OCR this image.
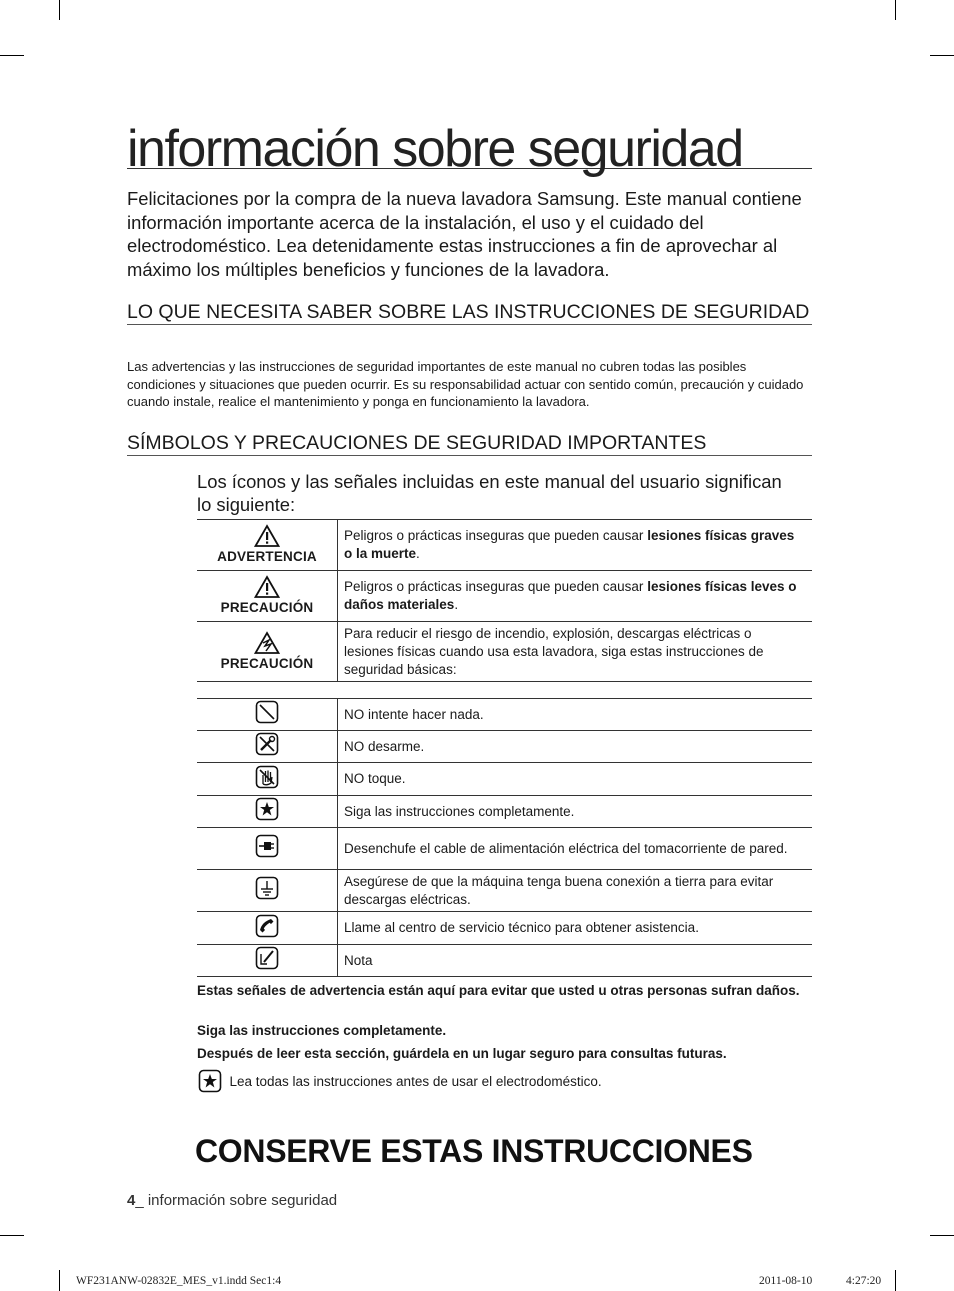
información sobre seguridad

Felicitaciones por la compra de la nueva lavadora Samsung. Este manual contiene información importante acerca de la instalación, el uso y el cuidado del electrodoméstico. Lea detenidamente estas instrucciones a fin de aprovechar al máximo los múltiples beneficios y funciones de la lavadora.

LO QUE NECESITA SABER SOBRE LAS INSTRUCCIONES DE SEGURIDAD

Las advertencias y las instrucciones de seguridad importantes de este manual no cubren todas las posibles condiciones y situaciones que pueden ocurrir. Es su responsabilidad actuar con sentido común, precaución y cuidado cuando instale, realice el mantenimiento y ponga en funcionamiento la lavadora.

SÍMBOLOS Y PRECAUCIONES DE SEGURIDAD IMPORTANTES

Los íconos y las señales incluidas en este manual del usuario significan lo siguiente:

ADVERTENCIA	Peligros o prácticas inseguras que pueden causar lesiones físicas graves o la muerte.

PRECAUCIÓN	Peligros o prácticas inseguras que pueden causar lesiones físicas leves o daños materiales.

PRECAUCIÓN	Para reducir el riesgo de incendio, explosión, descargas eléctricas o lesiones físicas cuando usa esta lavadora, siga estas instrucciones de seguridad básicas:
	NO intente hacer nada.
	NO desarme.
	NO toque.
	Siga las instrucciones completamente.
	Desenchufe el cable de alimentación eléctrica del tomacorriente de pared.
	Asegúrese de que la máquina tenga buena conexión a tierra para evitar descargas eléctricas.
	Llame al centro de servicio técnico para obtener asistencia.
	Nota

Estas señales de advertencia están aquí para evitar que usted u otras personas sufran daños.

Siga las instrucciones completamente.

Después de leer esta sección, guárdela en un lugar seguro para consultas futuras.

Lea todas las instrucciones antes de usar el electrodoméstico.

CONSERVE ESTAS INSTRUCCIONES

4_ información sobre seguridad

WF231ANW-02832E_MES_v1.indd Sec1:4	2011-08-10	4:27:20
